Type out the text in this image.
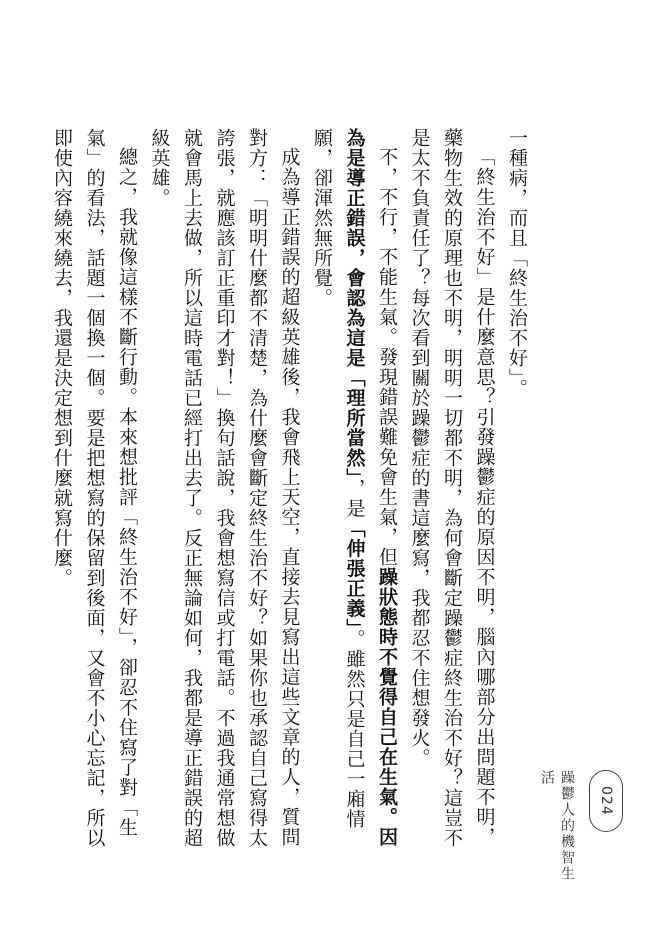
一種病，而且「終生治不好」。

「終生治不好」是什麼意思？引發躁鬱症的原因不明，腦內哪部分出問題不明，藥物生效的原理也不明，明明一切都不明，為何會斷定躁鬱症終生治不好？這豈不是太不負責任了？每次看到關於躁鬱症的書這麼寫，我都忍不住想發火。

不，不行，不能生氣。發現錯誤難免會生氣，但躁狀態時不覺得自己在生氣。因為是導正錯誤，會認為這是「理所當然」，是「伸張正義」。雖然只是自己一廂情願，卻渾然無所覺。

成為導正錯誤的超級英雄後，我會飛上天空，直接去見寫出這些文章的人，質問對方：「明明什麼都不清楚，為什麼會斷定終生治不好？如果你也承認自己寫得太誇張，就應該訂正重印才對！」換句話說，我會想寫信或打電話。不過我通常想做就會馬上去做，所以這時電話已經打出去了。反正無論如何，我都是導正錯誤的超級英雄。

總之，我就像這樣不斷行動。本來想批評「終生治不好」，卻忍不住寫了對「生氣」的看法，話題一個換一個。要是把想寫的保留到後面，又會不小心忘記，所以即使內容繞來繞去，我還是決定想到什麼就寫什麼。

躁鬱人的機智生活
024
